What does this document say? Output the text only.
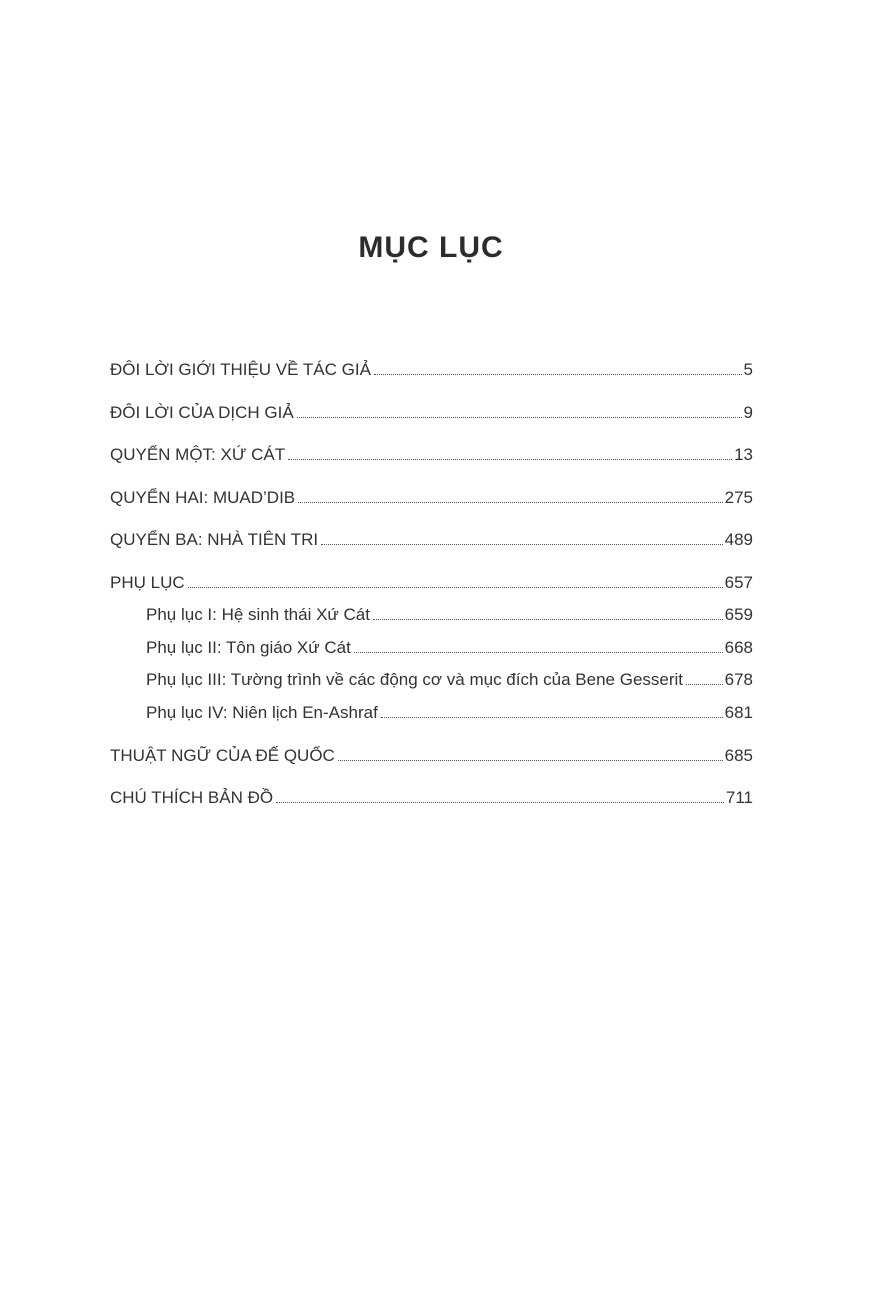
MỤC LỤC
ĐÔI LỜI GIỚI THIỆU VỀ TÁC GIẢ	5
ĐÔI LỜI CỦA DỊCH GIẢ	9
QUYỂN MỘT: XỨ CÁT	13
QUYỂN HAI: MUAD’DIB	275
QUYỂN BA: NHÀ TIÊN TRI	489
PHỤ LỤC	657
Phụ lục I: Hệ sinh thái Xứ Cát	659
Phụ lục II: Tôn giáo Xứ Cát	668
Phụ lục III: Tường trình về các động cơ và mục đích của Bene Gesserit 678
Phụ lục IV: Niên lịch En-Ashraf	681
THUẬT NGỮ CỦA ĐẾ QUỐC	685
CHÚ THÍCH BẢN ĐỒ	711
